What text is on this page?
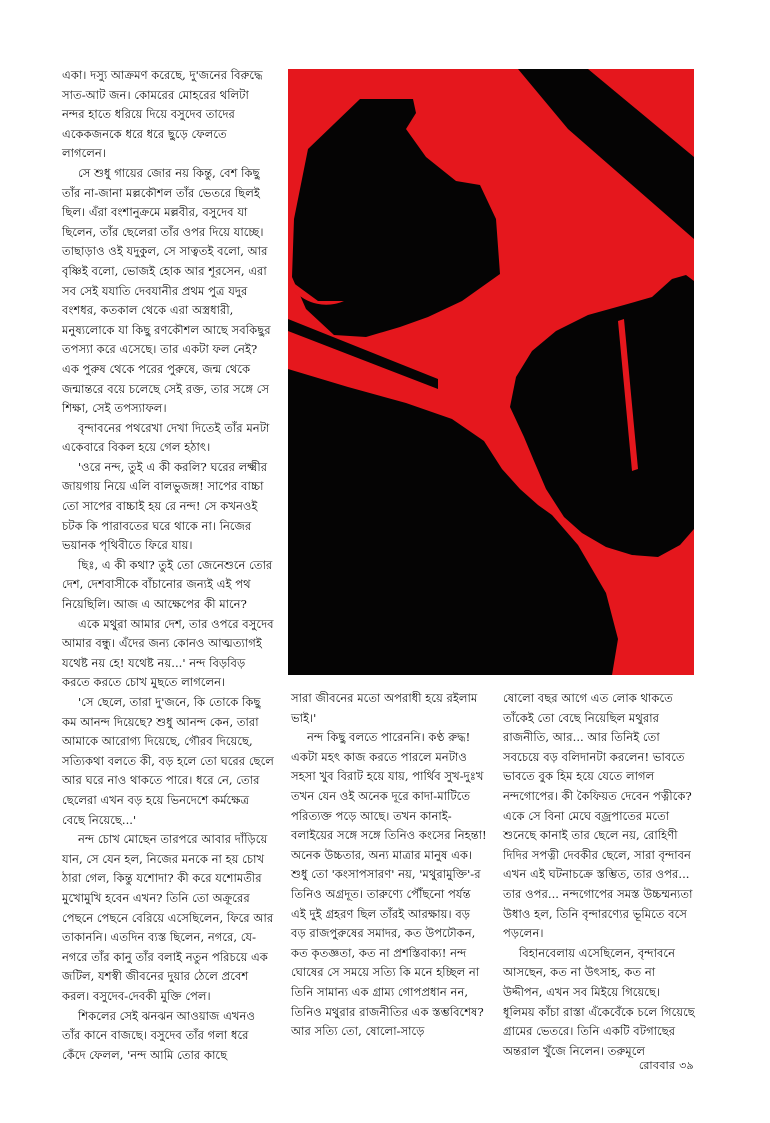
একা। দস্যু আক্রমণ করেছে, দু'জনের বিরুদ্ধে সাত-আট জন। কোমরের মোহরের থলিটা নন্দর হাতে ধরিয়ে দিয়ে বসুদেব তাদের একেকজনকে ধরে ধরে ছুড়ে ফেলতে লাগলেন।

সে শুধু গায়ের জোর নয় কিন্তু, বেশ কিছু তাঁর না-জানা মল্লকৌশল তাঁর ভেতরে ছিলই ছিল। এঁরা বংশানুক্রমে মল্লবীর, বসুদেব যা ছিলেন, তাঁর ছেলেরা তাঁর ওপর দিয়ে যাচ্ছে। তাছাড়াও ওই যদুকুল, সে সাত্বতই বলো, আর বৃষ্ণিই বলো, ভোজই হোক আর শূরসেন, এরা সব সেই যযাতি দেবযানীর প্রথম পুত্র যদুর বংশধর, কতকাল থেকে এরা অস্ত্রধারী, মনুষ্যলোকে যা কিছু রণকৌশল আছে সবকিছুর তপস্যা করে এসেছে। তার একটা ফল নেই? এক পুরুষ থেকে পরের পুরুষে, জন্ম থেকে জন্মান্তরে বয়ে চলেছে সেই রক্ত, তার সঙ্গে সে শিক্ষা, সেই তপস্যাফল।

বৃন্দাবনের পথরেখা দেখা দিতেই তাঁর মনটা একেবারে বিকল হয়ে গেল হঠাৎ।

'ওরে নন্দ, তুই এ কী করলি? ঘরের লক্ষ্মীর জায়গায় নিয়ে এলি বালভুজঙ্গ! সাপের বাচ্চা তো সাপের বাচ্চাই হয় রে নন্দ! সে কখনওই চটক কি পারাবতের ঘরে থাকে না। নিজের ভয়ানক পৃথিবীতে ফিরে যায়।

ছিঃ, এ কী কথা? তুই তো জেনেশুনে তোর দেশ, দেশবাসীকে বাঁচানোর জন্যই এই পথ নিয়েছিলি। আজ এ আক্ষেপের কী মানে?

একে মথুরা আমার দেশ, তার ওপরে বসুদেব আমার বন্ধু। এঁদের জন্য কোনও আত্মত্যাগই যথেষ্ট নয় হে! যথেষ্ট নয়...' নন্দ বিড়বিড় করতে করতে চোখ মুছতে লাগলেন।

'সে ছেলে, তারা দু'জনে, কি তোকে কিছু কম আনন্দ দিয়েছে? শুধু আনন্দ কেন, তারা আমাকে আরোগ্য দিয়েছে, গৌরব দিয়েছে, সত্যিকথা বলতে কী, বড় হলে তো ঘরের ছেলে আর ঘরে নাও থাকতে পারে। ধরে নে, তোর ছেলেরা এখন বড় হয়ে ভিনদেশে কর্মক্ষেত্র বেছে নিয়েছে...'

নন্দ চোখ মোছেন তারপরে আবার দাঁড়িয়ে যান, সে যেন হল, নিজের মনকে না হয় চোখ ঠারা গেল, কিন্তু যশোদা? কী করে যশোমতীর মুখোমুখি হবেন এখন? তিনি তো অক্রূরের পেছনে পেছনে বেরিয়ে এসেছিলেন, ফিরে আর তাকাননি। এতদিন ব্যস্ত ছিলেন, নগরে, যে-নগরে তাঁর কানু তাঁর বলাই নতুন পরিচয়ে এক জটিল, যশস্বী জীবনের দুয়ার ঠেলে প্রবেশ করল। বসুদেব-দেবকী মুক্তি পেল।

শিকলের সেই ঝনঝন আওয়াজ এখনও তাঁর কানে বাজছে। বসুদেব তাঁর গলা ধরে কেঁদে ফেলল, 'নন্দ আমি তোর কাছে

সারা জীবনের মতো অপরাধী হয়ে রইলাম ভাই।'

নন্দ কিছু বলতে পারেননি। কণ্ঠ রুদ্ধ! একটা মহৎ কাজ করতে পারলে মনটাও সহসা খুব বিরাট হয়ে যায়, পার্থিব সুখ-দুঃখ তখন যেন ওই অনেক দূরে কাদা-মাটিতে পরিত্যক্ত পড়ে আছে। তখন কানাই-বলাইয়ের সঙ্গে সঙ্গে তিনিও কংসের নিহন্তা! অনেক উচ্চতার, অন্য মাত্রার মানুষ এক। শুধু তো 'কংসাপসারণ' নয়, 'মথুরামুক্তি'-র তিনিও অগ্রদূত। তারুণ্যে পৌঁছনো পর্যন্ত এই দুই গ্রহরণ ছিল তাঁরই আরক্ষায়। বড় বড় রাজপুরুষের সমাদর, কত উপঢৌকন, কত কৃতজ্ঞতা, কত না প্রশস্তিবাক্য! নন্দ ঘোষের সে সময়ে সত্যি কি মনে হচ্ছিল না তিনি সামান্য এক গ্রাম্য গোপপ্রধান নন, তিনিও মথুরার রাজনীতির এক স্তম্ভবিশেষ? আর সত্যি তো, ষোলো-সাড়ে

ষোলো বছর আগে এত লোক থাকতে তাঁকেই তো বেছে নিয়েছিল মথুরার রাজনীতি, আর... আর তিনিই তো সবচেয়ে বড় বলিদানটা করলেন! ভাবতে ভাবতে বুক হিম হয়ে যেতে লাগল নন্দগোপের। কী কৈফিয়ত দেবেন পত্নীকে? একে সে বিনা মেঘে বজ্রপাতের মতো শুনেছে কানাই তার ছেলে নয়, রোহিণী দিদির সপত্নী দেবকীর ছেলে, সারা বৃন্দাবন এখন এই ঘটনাচক্রে স্তম্ভিত, তার ওপর... তার ওপর... নন্দগোপের সমস্ত উচ্চম্মন্যতা উধাও হল, তিনি বৃন্দারণ্যের ভূমিতে বসে পড়লেন।

বিহানবেলায় এসেছিলেন, বৃন্দাবনে আসছেন, কত না উৎসাহ, কত না উদ্দীপন, এখন সব মিইয়ে গিয়েছে। ধূলিময় কাঁচা রাস্তা এঁকেবেঁকে চলে গিয়েছে গ্রামের ভেতরে। তিনি একটি বটগাছের অন্তরাল খুঁজে নিলেন। তরুমূলে

রোববার ৩৯
